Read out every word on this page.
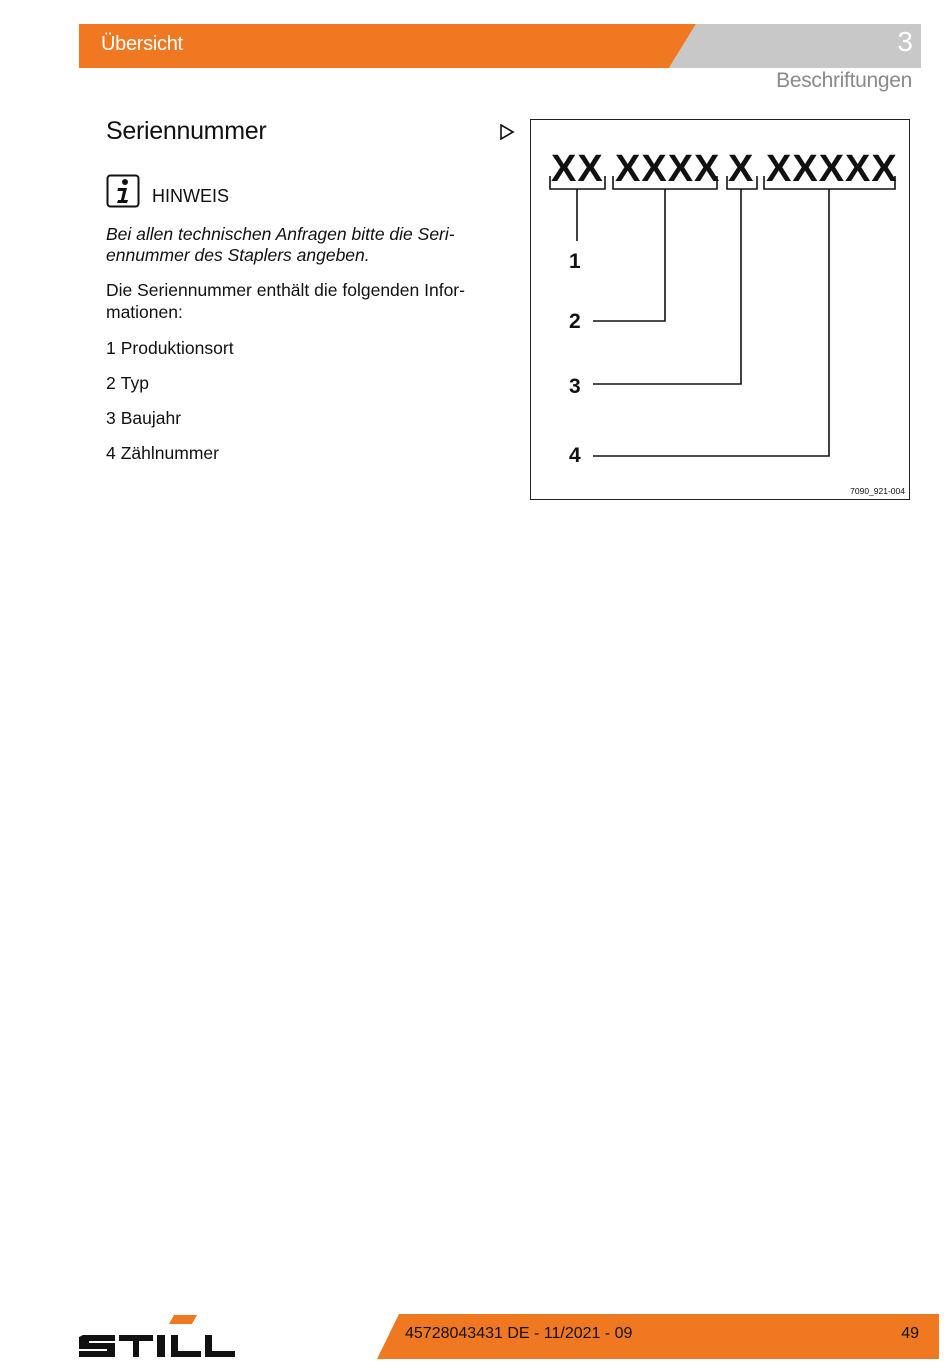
Übersicht	3
Beschriftungen
Seriennummer
HINWEIS

Bei allen technischen Anfragen bitte die Seri-ennummer des Staplers angeben.

Die Seriennummer enthält die folgenden Infor-mationen:

1 Produktionsort
2 Typ
3 Baujahr
4 Zählnummer
XX XXXX X XXXXX
1
2
3
4
7090_921-004
45728043431 DE - 11/2021 - 09	49
